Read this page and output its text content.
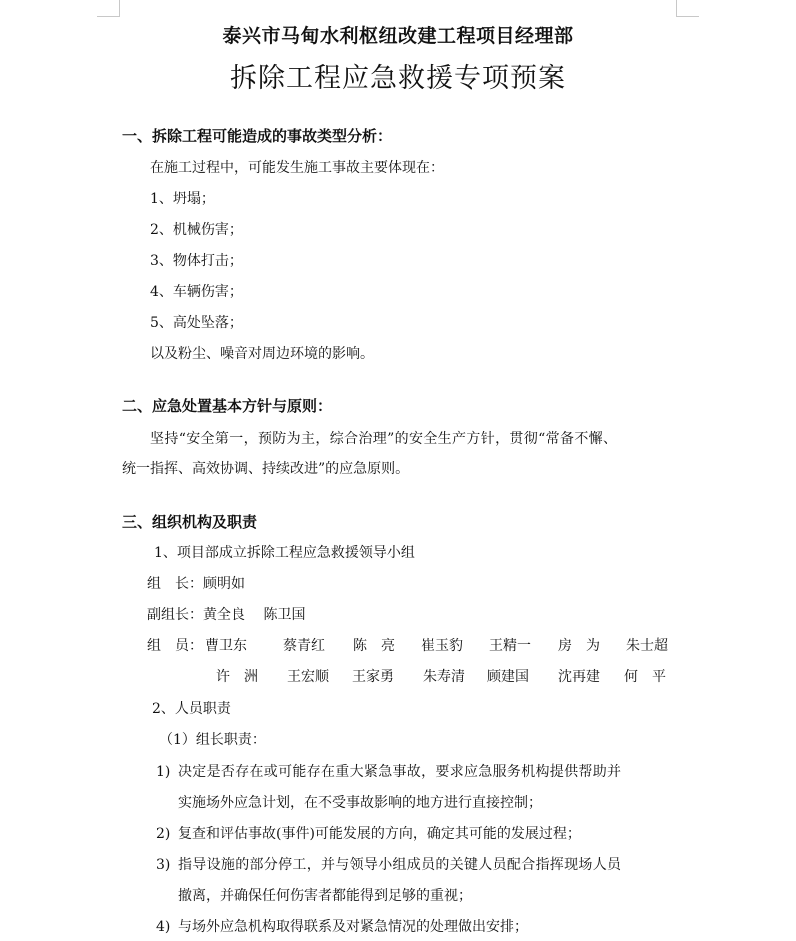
泰兴市马甸水利枢纽改建工程项目经理部
拆除工程应急救援专项预案
一、拆除工程可能造成的事故类型分析：
在施工过程中，可能发生施工事故主要体现在：
1、坍塌；
2、机械伤害；
3、物体打击；
4、车辆伤害；
5、高处坠落；
以及粉尘、噪音对周边环境的影响。
二、应急处置基本方针与原则：
坚持“安全第一，预防为主，综合治理”的安全生产方针，贯彻“常备不懈、
统一指挥、高效协调、持续改进”的应急原则。
三、组织机构及职责
1、项目部成立拆除工程应急救援领导小组
组　长：顾明如
副组长：黄全良　 陈卫国
组　员： 曹卫东	蔡青红 陈　亮 崔玉豹 王精一 房　为 朱士超
许　洲 王宏顺 王家勇 朱寿清 顾建国 沈再建 何　平
2、人员职责
（1）组长职责：
1) 决定是否存在或可能存在重大紧急事故，要求应急服务机构提供帮助并
实施场外应急计划，在不受事故影响的地方进行直接控制；
2) 复查和评估事故(事件)可能发展的方向，确定其可能的发展过程；
3) 指导设施的部分停工，并与领导小组成员的关键人员配合指挥现场人员
撤离，并确保任何伤害者都能得到足够的重视；
4) 与场外应急机构取得联系及对紧急情况的处理做出安排；
